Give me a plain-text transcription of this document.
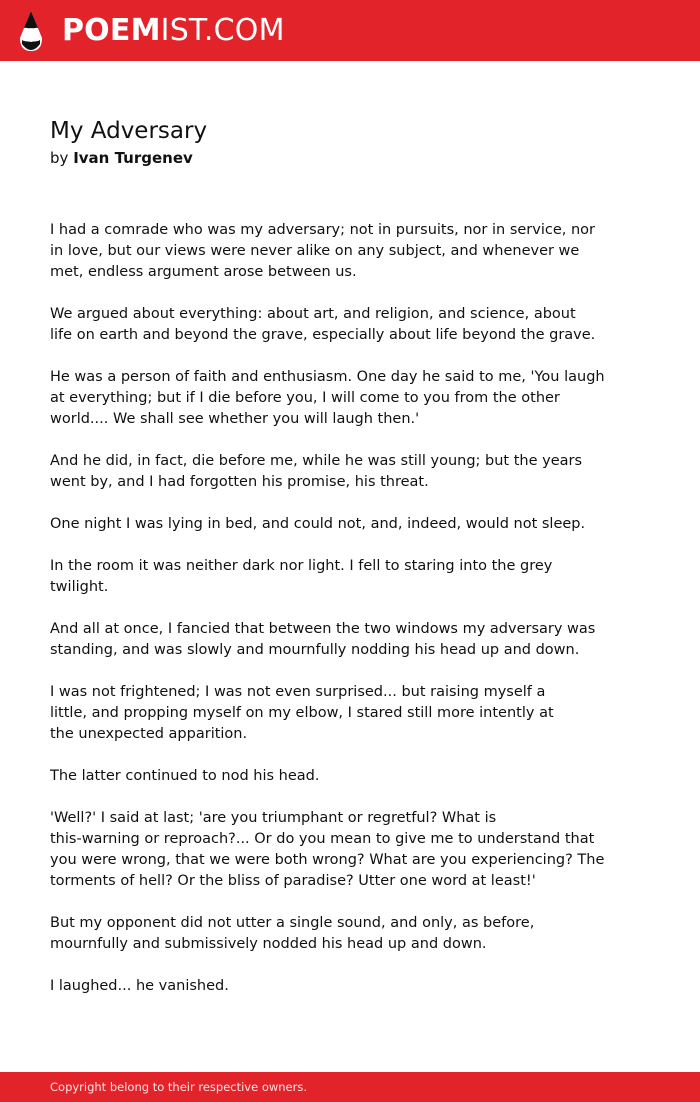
POEMIST.COM
My Adversary
by Ivan Turgenev
I had a comrade who was my adversary; not in pursuits, nor in service, nor
in love, but our views were never alike on any subject, and whenever we
met, endless argument arose between us.
We argued about everything: about art, and religion, and science, about
life on earth and beyond the grave, especially about life beyond the grave.
He was a person of faith and enthusiasm. One day he said to me, 'You laugh
at everything; but if I die before you, I will come to you from the other
world.... We shall see whether you will laugh then.'
And he did, in fact, die before me, while he was still young; but the years
went by, and I had forgotten his promise, his threat.
One night I was lying in bed, and could not, and, indeed, would not sleep.
In the room it was neither dark nor light. I fell to staring into the grey
twilight.
And all at once, I fancied that between the two windows my adversary was
standing, and was slowly and mournfully nodding his head up and down.
I was not frightened; I was not even surprised... but raising myself a
little, and propping myself on my elbow, I stared still more intently at
the unexpected apparition.
The latter continued to nod his head.
'Well?' I said at last; 'are you triumphant or regretful? What is
this-warning or reproach?... Or do you mean to give me to understand that
you were wrong, that we were both wrong? What are you experiencing? The
torments of hell? Or the bliss of paradise? Utter one word at least!'
But my opponent did not utter a single sound, and only, as before,
mournfully and submissively nodded his head up and down.
I laughed... he vanished.
Copyright belong to their respective owners.
